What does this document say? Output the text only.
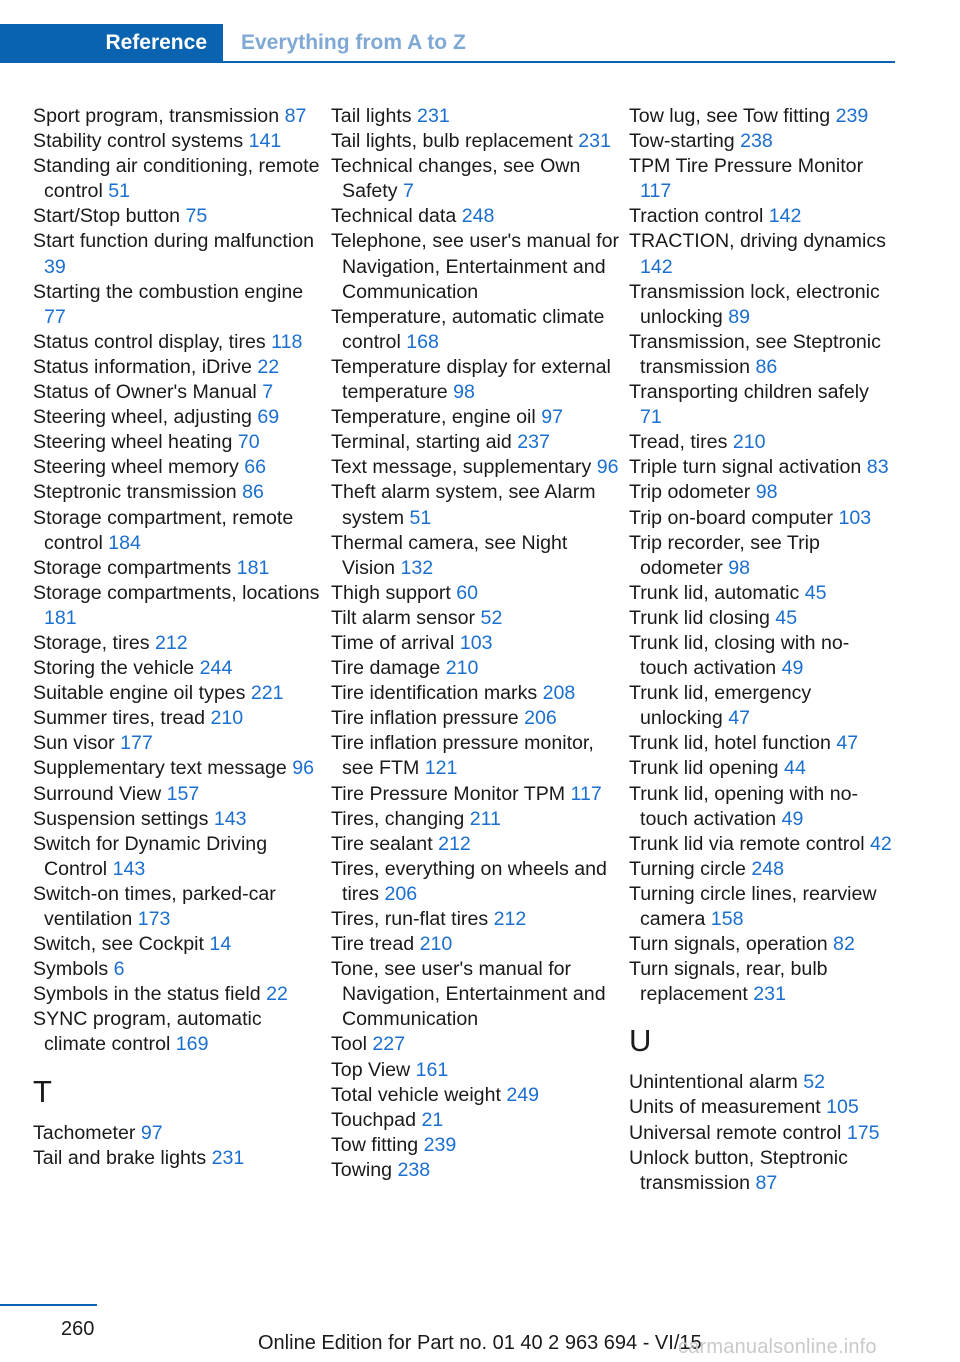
Reference	Everything from A to Z
Sport program, transmission 87
Stability control systems 141
Standing air conditioning, remote control 51
Start/Stop button 75
Start function during malfunction 39
Starting the combustion engine 77
Status control display, tires 118
Status information, iDrive 22
Status of Owner's Manual 7
Steering wheel, adjusting 69
Steering wheel heating 70
Steering wheel memory 66
Steptronic transmission 86
Storage compartment, remote control 184
Storage compartments 181
Storage compartments, locations 181
Storage, tires 212
Storing the vehicle 244
Suitable engine oil types 221
Summer tires, tread 210
Sun visor 177
Supplementary text message 96
Surround View 157
Suspension settings 143
Switch for Dynamic Driving Control 143
Switch-on times, parked-car ventilation 173
Switch, see Cockpit 14
Symbols 6
Symbols in the status field 22
SYNC program, automatic climate control 169
T
Tachometer 97
Tail and brake lights 231
Tail lights 231
Tail lights, bulb replacement 231
Technical changes, see Own Safety 7
Technical data 248
Telephone, see user's manual for Navigation, Entertainment and Communication
Temperature, automatic climate control 168
Temperature display for external temperature 98
Temperature, engine oil 97
Terminal, starting aid 237
Text message, supplementary 96
Theft alarm system, see Alarm system 51
Thermal camera, see Night Vision 132
Thigh support 60
Tilt alarm sensor 52
Time of arrival 103
Tire damage 210
Tire identification marks 208
Tire inflation pressure 206
Tire inflation pressure monitor, see FTM 121
Tire Pressure Monitor TPM 117
Tires, changing 211
Tire sealant 212
Tires, everything on wheels and tires 206
Tires, run-flat tires 212
Tire tread 210
Tone, see user's manual for Navigation, Entertainment and Communication
Tool 227
Top View 161
Total vehicle weight 249
Touchpad 21
Tow fitting 239
Towing 238
Tow lug, see Tow fitting 239
Tow-starting 238
TPM Tire Pressure Monitor 117
Traction control 142
TRACTION, driving dynamics 142
Transmission lock, electronic unlocking 89
Transmission, see Steptronic transmission 86
Transporting children safely 71
Tread, tires 210
Triple turn signal activation 83
Trip odometer 98
Trip on-board computer 103
Trip recorder, see Trip odometer 98
Trunk lid, automatic 45
Trunk lid closing 45
Trunk lid, closing with no-touch activation 49
Trunk lid, emergency unlocking 47
Trunk lid, hotel function 47
Trunk lid opening 44
Trunk lid, opening with no-touch activation 49
Trunk lid via remote control 42
Turning circle 248
Turning circle lines, rearview camera 158
Turn signals, operation 82
Turn signals, rear, bulb replacement 231
U
Unintentional alarm 52
Units of measurement 105
Universal remote control 175
Unlock button, Steptronic transmission 87
260
Online Edition for Part no. 01 40 2 963 694 - VI/15
carmanualsonline.info
